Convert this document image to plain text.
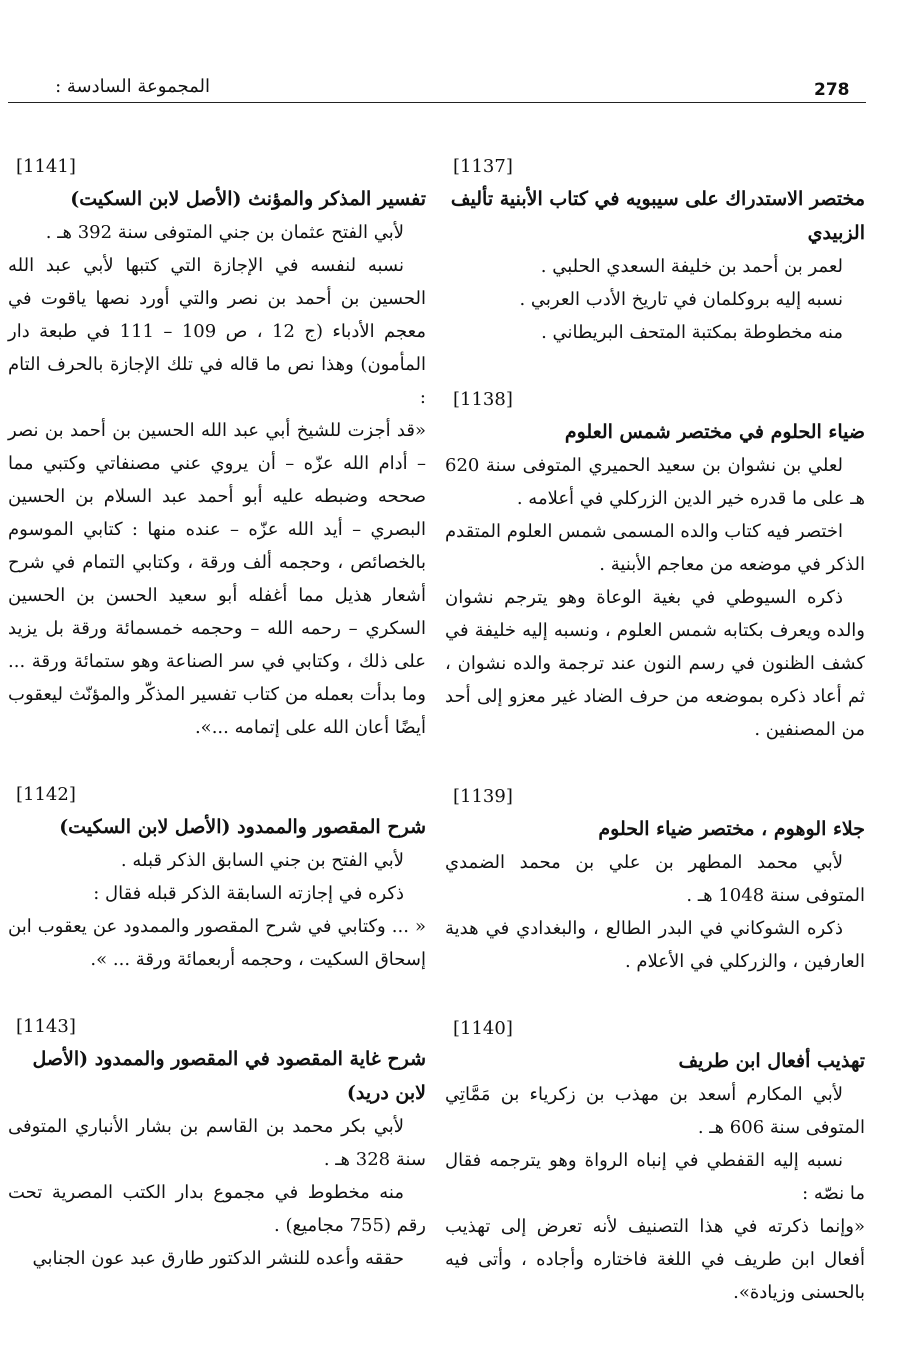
278
المجموعة السادسة :
[1137]
مختصر الاستدراك على سيبويه في كتاب الأبنية تأليف الزبيدي
لعمر بن أحمد بن خليفة السعدي الحلبي .
نسبه إليه بروكلمان في تاريخ الأدب العربي .
منه مخطوطة بمكتبة المتحف البريطاني .
[1138]
ضياء الحلوم في مختصر شمس العلوم
لعلي بن نشوان بن سعيد الحميري المتوفى سنة 620 هـ على ما قدره خير الدين الزركلي في أعلامه .
اختصر فيه كتاب والده المسمى شمس العلوم المتقدم الذكر في موضعه من معاجم الأبنية .
ذكره السيوطي في بغية الوعاة وهو يترجم نشوان والده ويعرف بكتابه شمس العلوم ، ونسبه إليه خليفة في كشف الظنون في رسم النون عند ترجمة والده نشوان ، ثم أعاد ذكره بموضعه من حرف الضاد غير معزو إلى أحد من المصنفين .
[1139]
جلاء الوهوم ، مختصر ضياء الحلوم
لأبي محمد المطهر بن علي بن محمد الضمدي المتوفى سنة 1048 هـ .
ذكره الشوكاني في البدر الطالع ، والبغدادي في هدية العارفين ، والزركلي في الأعلام .
[1140]
تهذيب أفعال ابن طريف
لأبي المكارم أسعد بن مهذب بن زكرياء بن مَمَّاتِي المتوفى سنة 606 هـ .
نسبه إليه القفطي في إنباه الرواة وهو يترجمه فقال ما نصّه :
«وإنما ذكرته في هذا التصنيف لأنه تعرض إلى تهذيب أفعال ابن طريف في اللغة فاختاره وأجاده ، وأتى فيه بالحسنى وزيادة».
[1141]
تفسير المذكر والمؤنث (الأصل لابن السكيت)
لأبي الفتح عثمان بن جني المتوفى سنة 392 هـ .
نسبه لنفسه في الإجازة التي كتبها لأبي عبد الله الحسين بن أحمد بن نصر والتي أورد نصها ياقوت في معجم الأدباء (ج 12 ، ص 109 – 111 في طبعة دار المأمون) وهذا نص ما قاله في تلك الإجازة بالحرف التام :
«قد أجزت للشيخ أبي عبد الله الحسين بن أحمد بن نصر – أدام الله عزّه – أن يروي عني مصنفاتي وكتبي مما صححه وضبطه عليه أبو أحمد عبد السلام بن الحسين البصري – أيد الله عزّه – عنده منها : كتابي الموسوم بالخصائص ، وحجمه ألف ورقة ، وكتابي التمام في شرح أشعار هذيل مما أغفله أبو سعيد الحسن بن الحسين السكري – رحمه الله – وحجمه خمسمائة ورقة بل يزيد على ذلك ، وكتابي في سر الصناعة وهو ستمائة ورقة ... وما بدأت بعمله من كتاب تفسير المذكّر والمؤنّث ليعقوب أيضًا أعان الله على إتمامه ...».
[1142]
شرح المقصور والممدود (الأصل لابن السكيت)
لأبي الفتح بن جني السابق الذكر قبله .
ذكره في إجازته السابقة الذكر قبله فقال :
« ... وكتابي في شرح المقصور والممدود عن يعقوب ابن إسحاق السكيت ، وحجمه أربعمائة ورقة ... ».
[1143]
شرح غاية المقصود في المقصور والممدود (الأصل لابن دريد)
لأبي بكر محمد بن القاسم بن بشار الأنباري المتوفى سنة 328 هـ .
منه مخطوط في مجموع بدار الكتب المصرية تحت رقم (755 مجاميع) .
حققه وأعده للنشر الدكتور طارق عبد عون الجنابي
